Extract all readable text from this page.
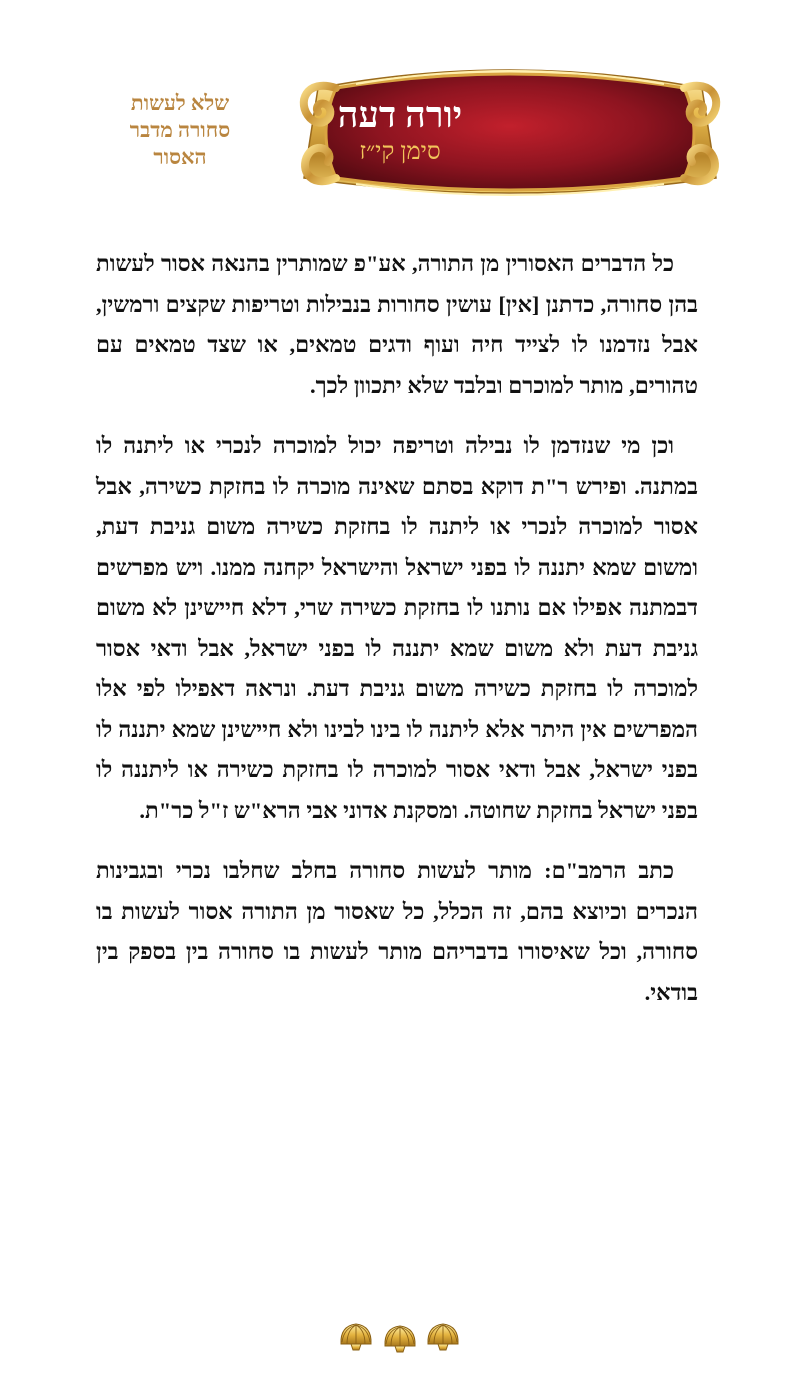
שלא לעשות
סחורה מדבר
האסור
יורה דעה
סימן קי״ז

כל הדברים האסורין מן התורה, אע"פ שמותרין בהנאה אסור לעשות בהן סחורה, כדתנן [אין] עושין סחורות בנבילות וטריפות שקצים ורמשין, אבל נזדמנו לו לצייד חיה ועוף ודגים טמאים, או שצד טמאים עם טהורים, מותר למוכרם ובלבד שלא יתכוון לכך.

וכן מי שנזדמן לו נבילה וטריפה יכול למוכרה לנכרי או ליתנה לו במתנה. ופירש ר"ת דוקא בסתם שאינה מוכרה לו בחזקת כשירה, אבל אסור למוכרה לנכרי או ליתנה לו בחזקת כשירה משום גניבת דעת, ומשום שמא יתננה לו בפני ישראל והישראל יקחנה ממנו. ויש מפרשים דבמתנה אפילו אם נותנו לו בחזקת כשירה שרי, דלא חיישינן לא משום גניבת דעת ולא משום שמא יתננה לו בפני ישראל, אבל ודאי אסור למוכרה לו בחזקת כשירה משום גניבת דעת. ונראה דאפילו לפי אלו המפרשים אין היתר אלא ליתנה לו בינו לבינו ולא חיישינן שמא יתננה לו בפני ישראל, אבל ודאי אסור למוכרה לו בחזקת כשירה או ליתננה לו בפני ישראל בחזקת שחוטה. ומסקנת אדוני אבי הרא"ש ז"ל כר"ת.

כתב הרמב"ם: מותר לעשות סחורה בחלב שחלבו נכרי ובגבינות הנכרים וכיוצא בהם, זה הכלל, כל שאסור מן התורה אסור לעשות בו סחורה, וכל שאיסורו בדבריהם מותר לעשות בו סחורה בין בספק בין בודאי.
